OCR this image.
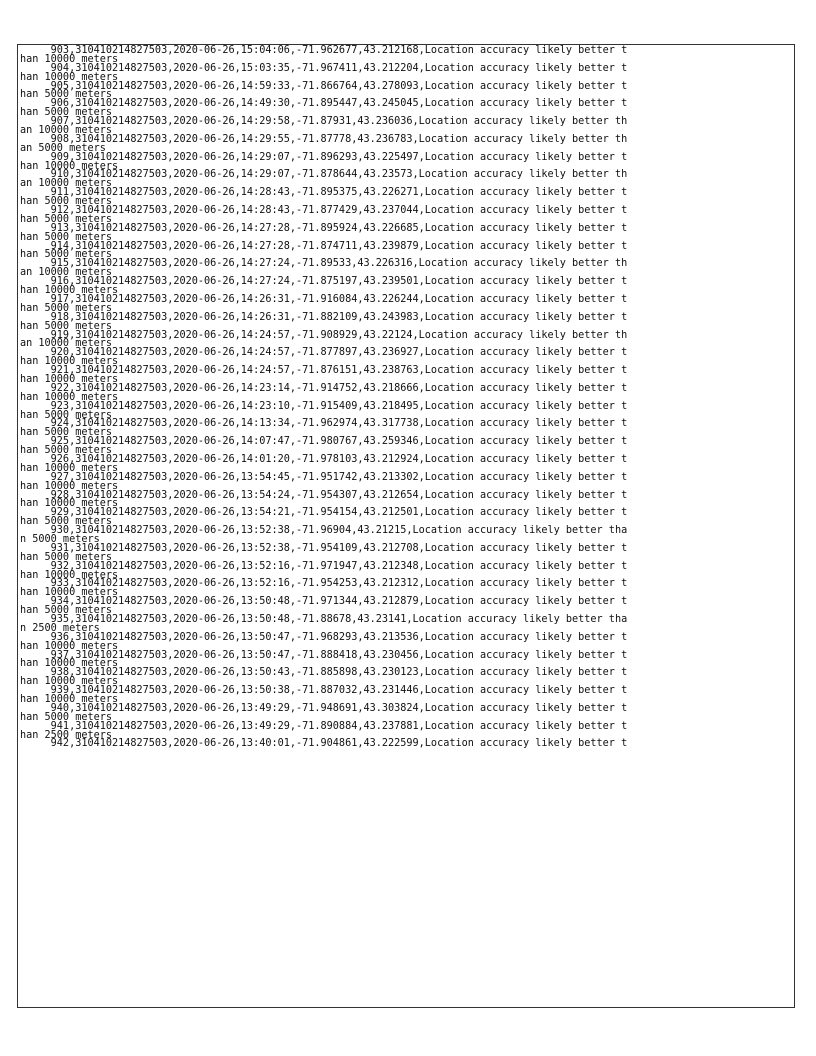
903,310410214827503,2020-06-26,15:04:06,-71.962677,43.212168,Location accuracy likely better t
han 10000 meters
904,310410214827503,2020-06-26,15:03:35,-71.967411,43.212204,Location accuracy likely better t
han 10000 meters
905,310410214827503,2020-06-26,14:59:33,-71.866764,43.278093,Location accuracy likely better t
han 5000 meters
906,310410214827503,2020-06-26,14:49:30,-71.895447,43.245045,Location accuracy likely better t
han 5000 meters
907,310410214827503,2020-06-26,14:29:58,-71.87931,43.236036,Location accuracy likely better th
an 10000 meters
908,310410214827503,2020-06-26,14:29:55,-71.87778,43.236783,Location accuracy likely better th
an 5000 meters
909,310410214827503,2020-06-26,14:29:07,-71.896293,43.225497,Location accuracy likely better t
han 10000 meters
910,310410214827503,2020-06-26,14:29:07,-71.878644,43.23573,Location accuracy likely better th
an 10000 meters
911,310410214827503,2020-06-26,14:28:43,-71.895375,43.226271,Location accuracy likely better t
han 5000 meters
912,310410214827503,2020-06-26,14:28:43,-71.877429,43.237044,Location accuracy likely better t
han 5000 meters
913,310410214827503,2020-06-26,14:27:28,-71.895924,43.226685,Location accuracy likely better t
han 5000 meters
914,310410214827503,2020-06-26,14:27:28,-71.874711,43.239879,Location accuracy likely better t
han 5000 meters
915,310410214827503,2020-06-26,14:27:24,-71.89533,43.226316,Location accuracy likely better th
an 10000 meters
916,310410214827503,2020-06-26,14:27:24,-71.875197,43.239501,Location accuracy likely better t
han 10000 meters
917,310410214827503,2020-06-26,14:26:31,-71.916084,43.226244,Location accuracy likely better t
han 5000 meters
918,310410214827503,2020-06-26,14:26:31,-71.882109,43.243983,Location accuracy likely better t
han 5000 meters
919,310410214827503,2020-06-26,14:24:57,-71.908929,43.22124,Location accuracy likely better th
an 10000 meters
920,310410214827503,2020-06-26,14:24:57,-71.877897,43.236927,Location accuracy likely better t
han 10000 meters
921,310410214827503,2020-06-26,14:24:57,-71.876151,43.238763,Location accuracy likely better t
han 10000 meters
922,310410214827503,2020-06-26,14:23:14,-71.914752,43.218666,Location accuracy likely better t
han 10000 meters
923,310410214827503,2020-06-26,14:23:10,-71.915409,43.218495,Location accuracy likely better t
han 5000 meters
924,310410214827503,2020-06-26,14:13:34,-71.962974,43.317738,Location accuracy likely better t
han 5000 meters
925,310410214827503,2020-06-26,14:07:47,-71.980767,43.259346,Location accuracy likely better t
han 5000 meters
926,310410214827503,2020-06-26,14:01:20,-71.978103,43.212924,Location accuracy likely better t
han 10000 meters
927,310410214827503,2020-06-26,13:54:45,-71.951742,43.213302,Location accuracy likely better t
han 10000 meters
928,310410214827503,2020-06-26,13:54:24,-71.954307,43.212654,Location accuracy likely better t
han 10000 meters
929,310410214827503,2020-06-26,13:54:21,-71.954154,43.212501,Location accuracy likely better t
han 5000 meters
930,310410214827503,2020-06-26,13:52:38,-71.96904,43.21215,Location accuracy likely better tha
n 5000 meters
931,310410214827503,2020-06-26,13:52:38,-71.954109,43.212708,Location accuracy likely better t
han 5000 meters
932,310410214827503,2020-06-26,13:52:16,-71.971947,43.212348,Location accuracy likely better t
han 10000 meters
933,310410214827503,2020-06-26,13:52:16,-71.954253,43.212312,Location accuracy likely better t
han 10000 meters
934,310410214827503,2020-06-26,13:50:48,-71.971344,43.212879,Location accuracy likely better t
han 5000 meters
935,310410214827503,2020-06-26,13:50:48,-71.88678,43.23141,Location accuracy likely better tha
n 2500 meters
936,310410214827503,2020-06-26,13:50:47,-71.968293,43.213536,Location accuracy likely better t
han 10000 meters
937,310410214827503,2020-06-26,13:50:47,-71.888418,43.230456,Location accuracy likely better t
han 10000 meters
938,310410214827503,2020-06-26,13:50:43,-71.885898,43.230123,Location accuracy likely better t
han 10000 meters
939,310410214827503,2020-06-26,13:50:38,-71.887032,43.231446,Location accuracy likely better t
han 10000 meters
940,310410214827503,2020-06-26,13:49:29,-71.948691,43.303824,Location accuracy likely better t
han 5000 meters
941,310410214827503,2020-06-26,13:49:29,-71.890884,43.237881,Location accuracy likely better t
han 2500 meters
942,310410214827503,2020-06-26,13:40:01,-71.904861,43.222599,Location accuracy likely better t
